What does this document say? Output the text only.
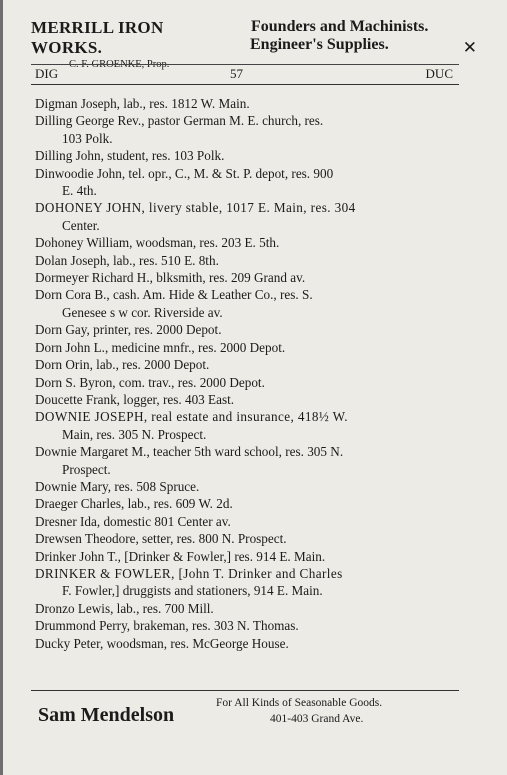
MERRILL IRON WORKS.
C. F. GROENKE, Prop.
Founders and Machinists.
Engineer's Supplies.	✕
DIG	57	DUC
Digman Joseph, lab., res. 1812 W. Main.
Dilling George Rev., pastor German M. E. church, res.
103 Polk.
Dilling John, student, res. 103 Polk.
Dinwoodie John, tel. opr., C., M. & St. P. depot, res. 900
E. 4th.
DOHONEY JOHN, livery stable, 1017 E. Main, res. 304
Center.
Dohoney William, woodsman, res. 203 E. 5th.
Dolan Joseph, lab., res. 510 E. 8th.
Dormeyer Richard H., blksmith, res. 209 Grand av.
Dorn Cora B., cash. Am. Hide & Leather Co., res. S.
Genesee s w cor. Riverside av.
Dorn Gay, printer, res. 2000 Depot.
Dorn John L., medicine mnfr., res. 2000 Depot.
Dorn Orin, lab., res. 2000 Depot.
Dorn S. Byron, com. trav., res. 2000 Depot.
Doucette Frank, logger, res. 403 East.
DOWNIE JOSEPH, real estate and insurance, 418½ W.
Main, res. 305 N. Prospect.
Downie Margaret M., teacher 5th ward school, res. 305 N.
Prospect.
Downie Mary, res. 508 Spruce.
Draeger Charles, lab., res. 609 W. 2d.
Dresner Ida, domestic 801 Center av.
Drewsen Theodore, setter, res. 800 N. Prospect.
Drinker John T., [Drinker & Fowler,] res. 914 E. Main.
DRINKER & FOWLER, [John T. Drinker and Charles
F. Fowler,] druggists and stationers, 914 E. Main.
Dronzo Lewis, lab., res. 700 Mill.
Drummond Perry, brakeman, res. 303 N. Thomas.
Ducky Peter, woodsman, res. McGeorge House.
Sam Mendelson
For All Kinds of Seasonable Goods.
401-403 Grand Ave.
